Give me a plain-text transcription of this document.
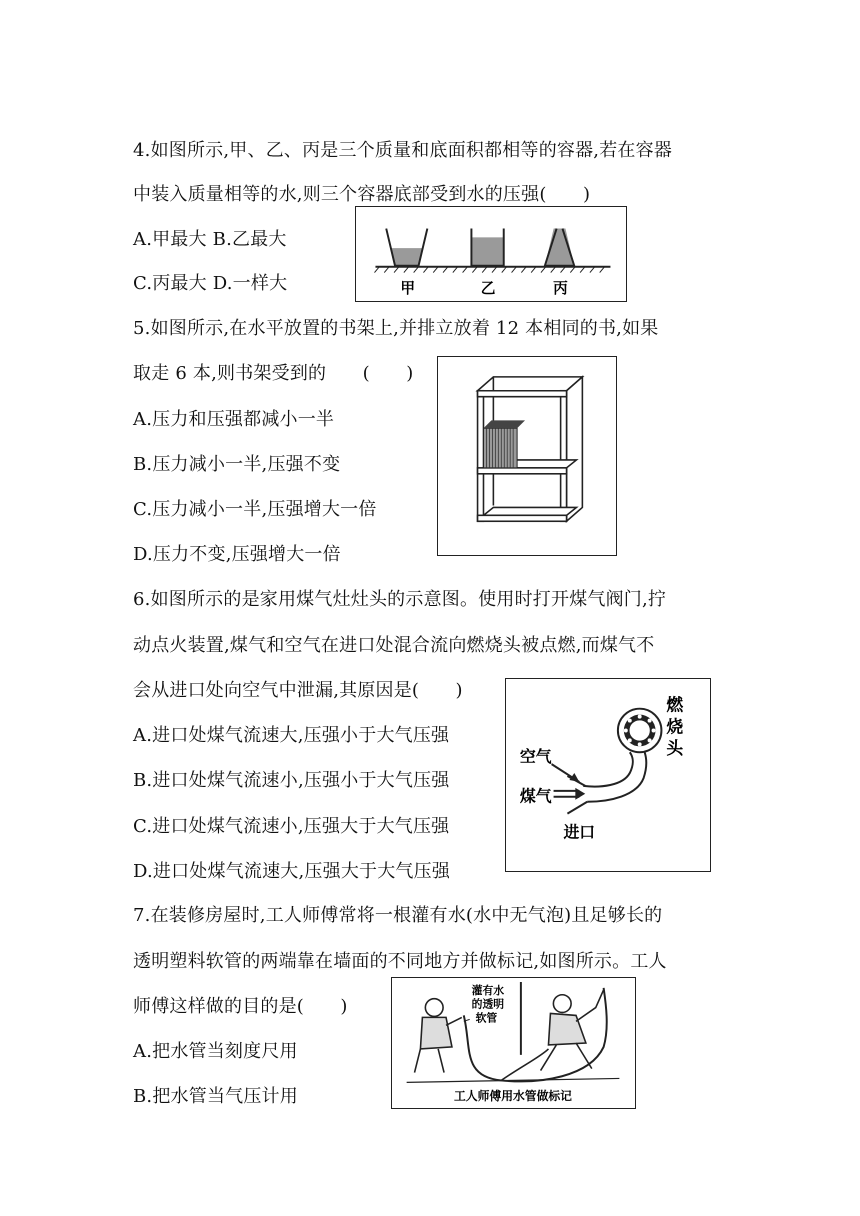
4.如图所示,甲、乙、丙是三个质量和底面积都相等的容器,若在容器
中装入质量相等的水,则三个容器底部受到水的压强(　　)
A.甲最大 B.乙最大
C.丙最大 D.一样大	甲	乙	丙
5.如图所示,在水平放置的书架上,并排立放着 12 本相同的书,如果
取走 6 本,则书架受到的　　(　　)
A.压力和压强都减小一半
B.压力减小一半,压强不变
C.压力减小一半,压强增大一倍
D.压力不变,压强增大一倍
6.如图所示的是家用煤气灶灶头的示意图。使用时打开煤气阀门,拧
动点火装置,煤气和空气在进口处混合流向燃烧头被点燃,而煤气不
会从进口处向空气中泄漏,其原因是(　　)
A.进口处煤气流速大,压强小于大气压强
B.进口处煤气流速小,压强小于大气压强
C.进口处煤气流速小,压强大于大气压强
D.进口处煤气流速大,压强大于大气压强
空气
煤气
进口
燃
烧
头
7.在装修房屋时,工人师傅常将一根灌有水(水中无气泡)且足够长的
透明塑料软管的两端靠在墙面的不同地方并做标记,如图所示。工人
师傅这样做的目的是(　　)
A.把水管当刻度尺用
B.把水管当气压计用
灌有水
的透明
软管
工人师傅用水管做标记
